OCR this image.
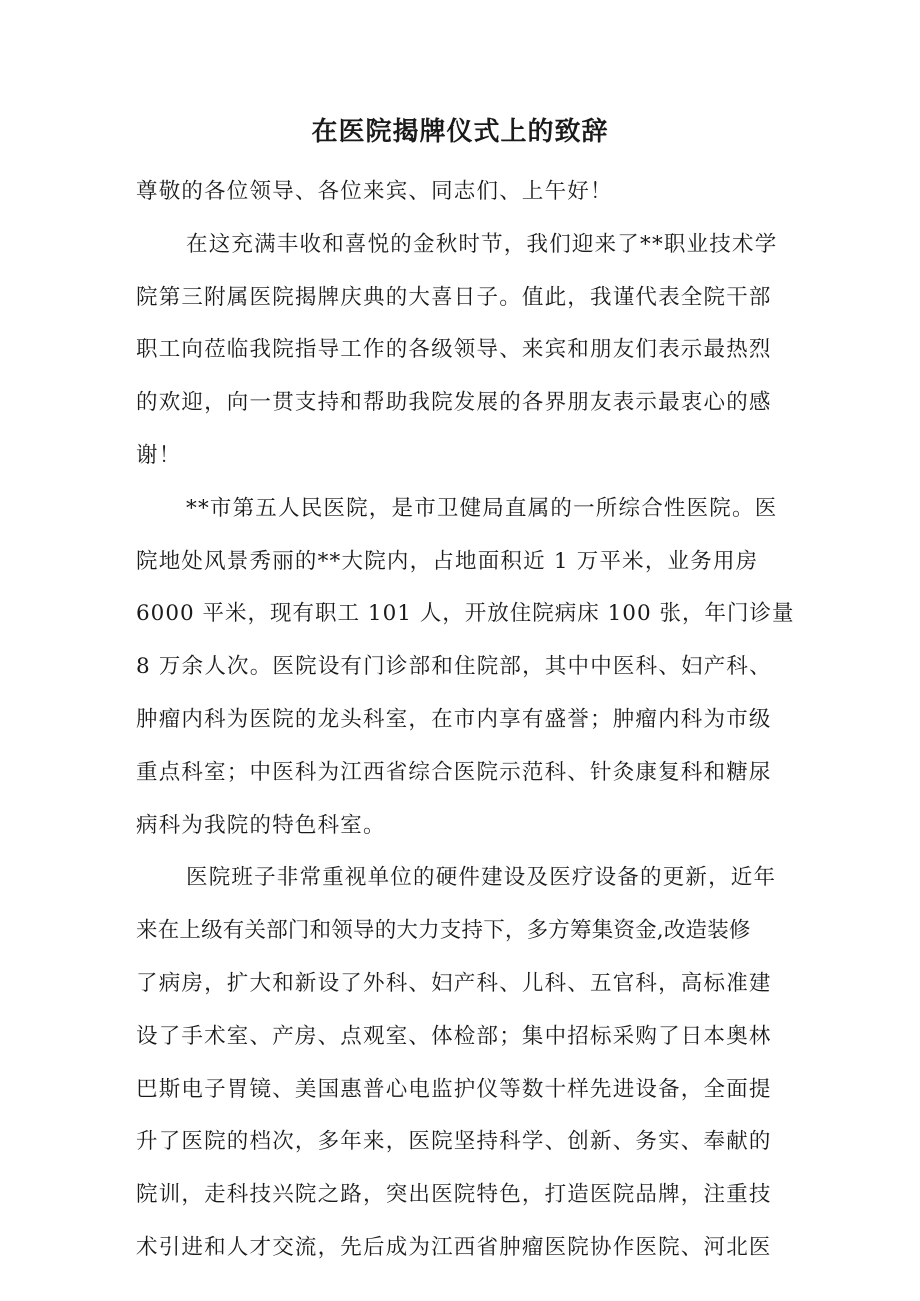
在医院揭牌仪式上的致辞
尊敬的各位领导、各位来宾、同志们、上午好！
在这充满丰收和喜悦的金秋时节，我们迎来了**职业技术学
院第三附属医院揭牌庆典的大喜日子。值此，我谨代表全院干部
职工向莅临我院指导工作的各级领导、来宾和朋友们表示最热烈
的欢迎，向一贯支持和帮助我院发展的各界朋友表示最衷心的感
谢！
**市第五人民医院，是市卫健局直属的一所综合性医院。医
院地处风景秀丽的**大院内，占地面积近 1 万平米，业务用房
6000 平米，现有职工 101 人，开放住院病床 100 张，年门诊量
8 万余人次。医院设有门诊部和住院部，其中中医科、妇产科、
肿瘤内科为医院的龙头科室，在市内享有盛誉；肿瘤内科为市级
重点科室；中医科为江西省综合医院示范科、针灸康复科和糖尿
病科为我院的特色科室。
医院班子非常重视单位的硬件建设及医疗设备的更新，近年
来在上级有关部门和领导的大力支持下，多方筹集资金,改造装修
了病房，扩大和新设了外科、妇产科、儿科、五官科，高标准建
设了手术室、产房、点观室、体检部；集中招标采购了日本奥林
巴斯电子胃镜、美国惠普心电监护仪等数十样先进设备，全面提
升了医院的档次，多年来，医院坚持科学、创新、务实、奉献的
院训，走科技兴院之路，突出医院特色，打造医院品牌，注重技
术引进和人才交流，先后成为江西省肿瘤医院协作医院、河北医
